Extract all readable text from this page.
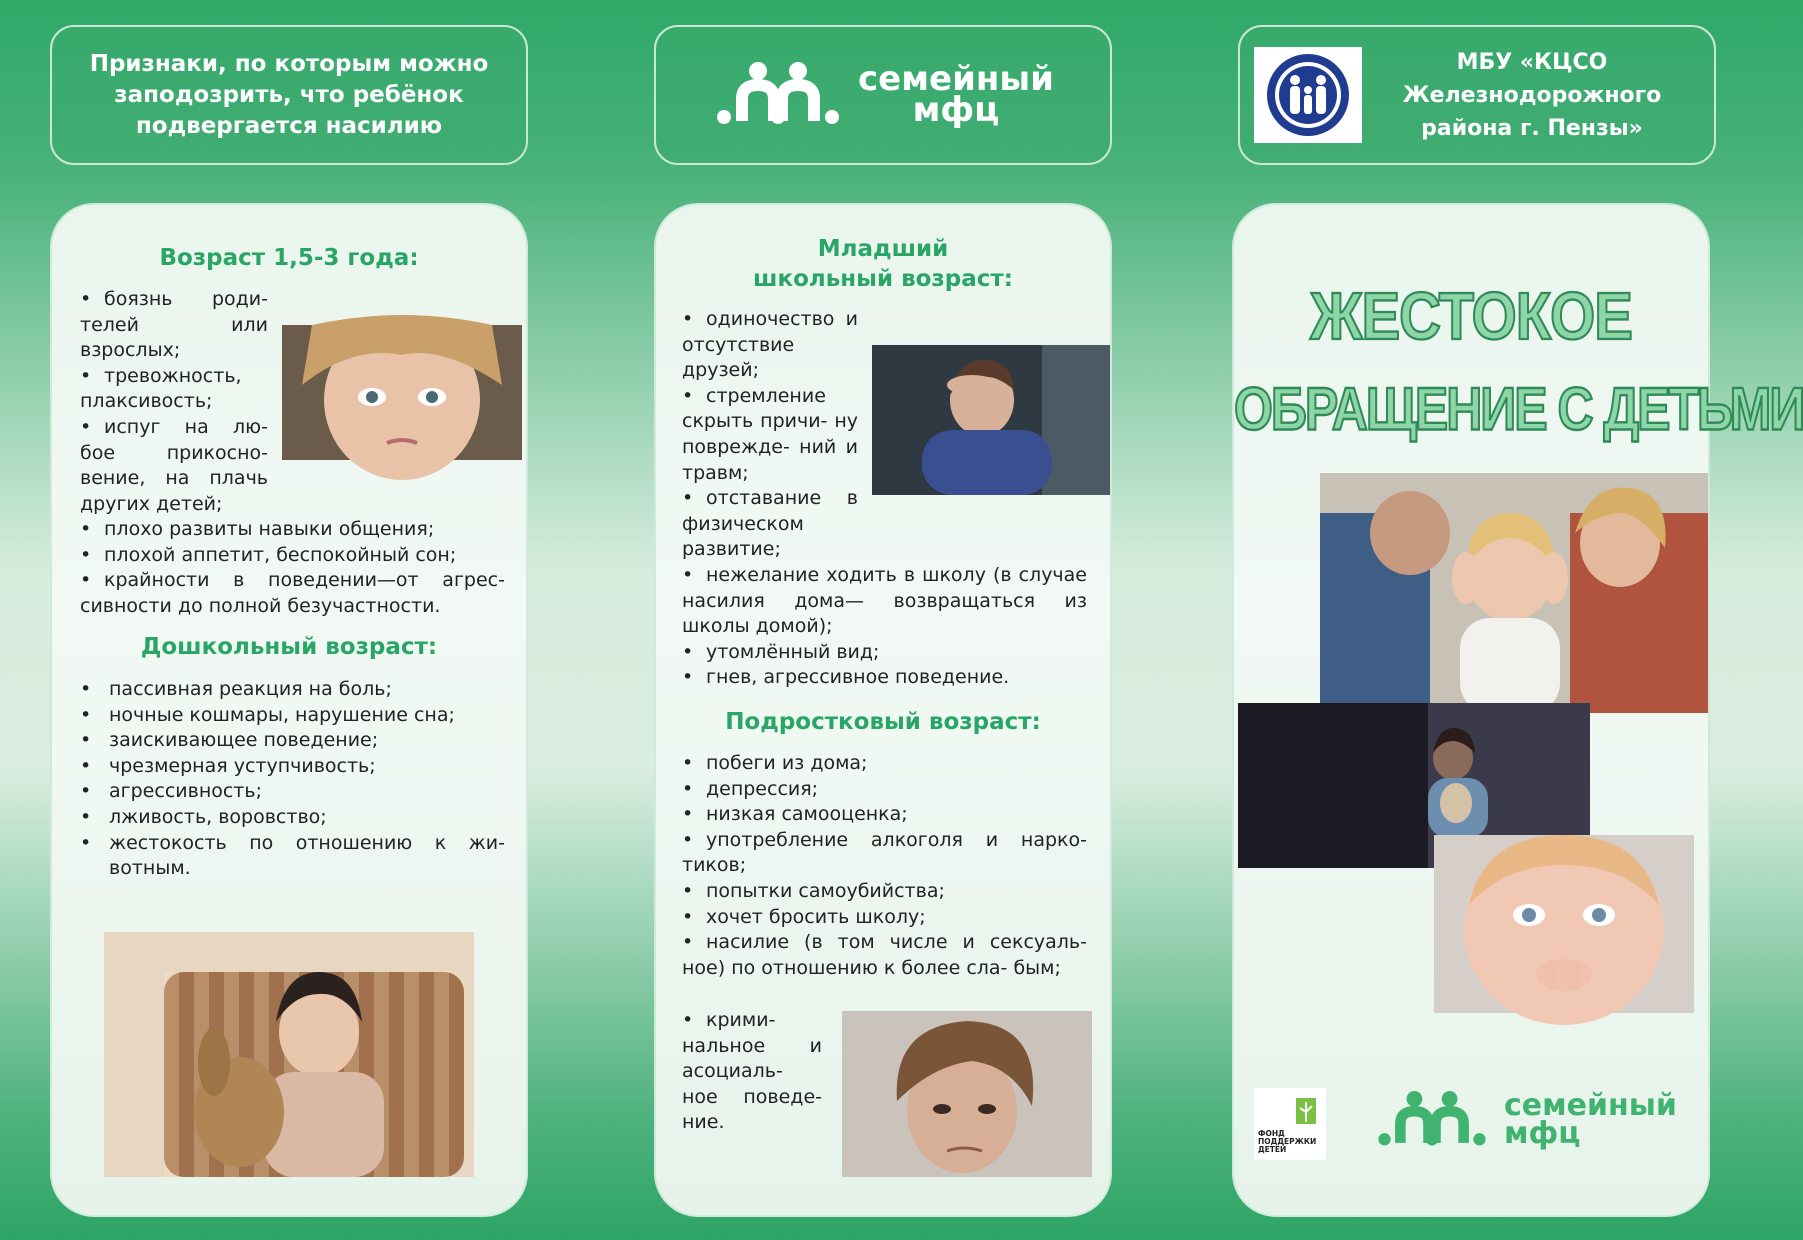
Признаки, по которым можно заподозрить, что ребёнок подвергается насилию
семейный
мфц
МБУ «КЦСО Железнодорожного района г. Пензы»
Возраст 1,5-3 года:
• боязнь роди- телей или взрослых;
• тревожность, плаксивость;
• испуг на лю- бое прикосно- вение, на плачь других детей;
• плохо развиты навыки общения;
• плохой аппетит, беспокойный сон;
• крайности в поведении—от агрес- сивности до полной безучастности.
Дошкольный возраст:
• пассивная реакция на боль;
• ночные кошмары, нарушение сна;
• заискивающее поведение;
• чрезмерная уступчивость;
• агрессивность;
• лживость, воровство;
• жестокость по отношению к жи- вотным.
Младший школьный возраст:
• одиночество и отсутствие друзей;
• стремление скрыть причи- ну поврежде- ний и травм;
• отставание в физическом развитие;
• нежелание ходить в школу (в случае насилия дома— возвращаться из школы домой);
• утомлённый вид;
• гнев, агрессивное поведение.
Подростковый возраст:
• побеги из дома;
• депрессия;
• низкая самооценка;
• употребление алкоголя и нарко- тиков;
• попытки самоубийства;
• хочет бросить школу;
• насилие (в том числе и сексуаль- ное) по отношению к более сла- бым;
• крими- нальное и асоциаль- ное поведе- ние.
ЖЕСТОКОЕ
ОБРАЩЕНИЕ С ДЕТЬМИ
ФОНД ПОДДЕРЖКИ ДЕТЕЙ
семейный
мфц
